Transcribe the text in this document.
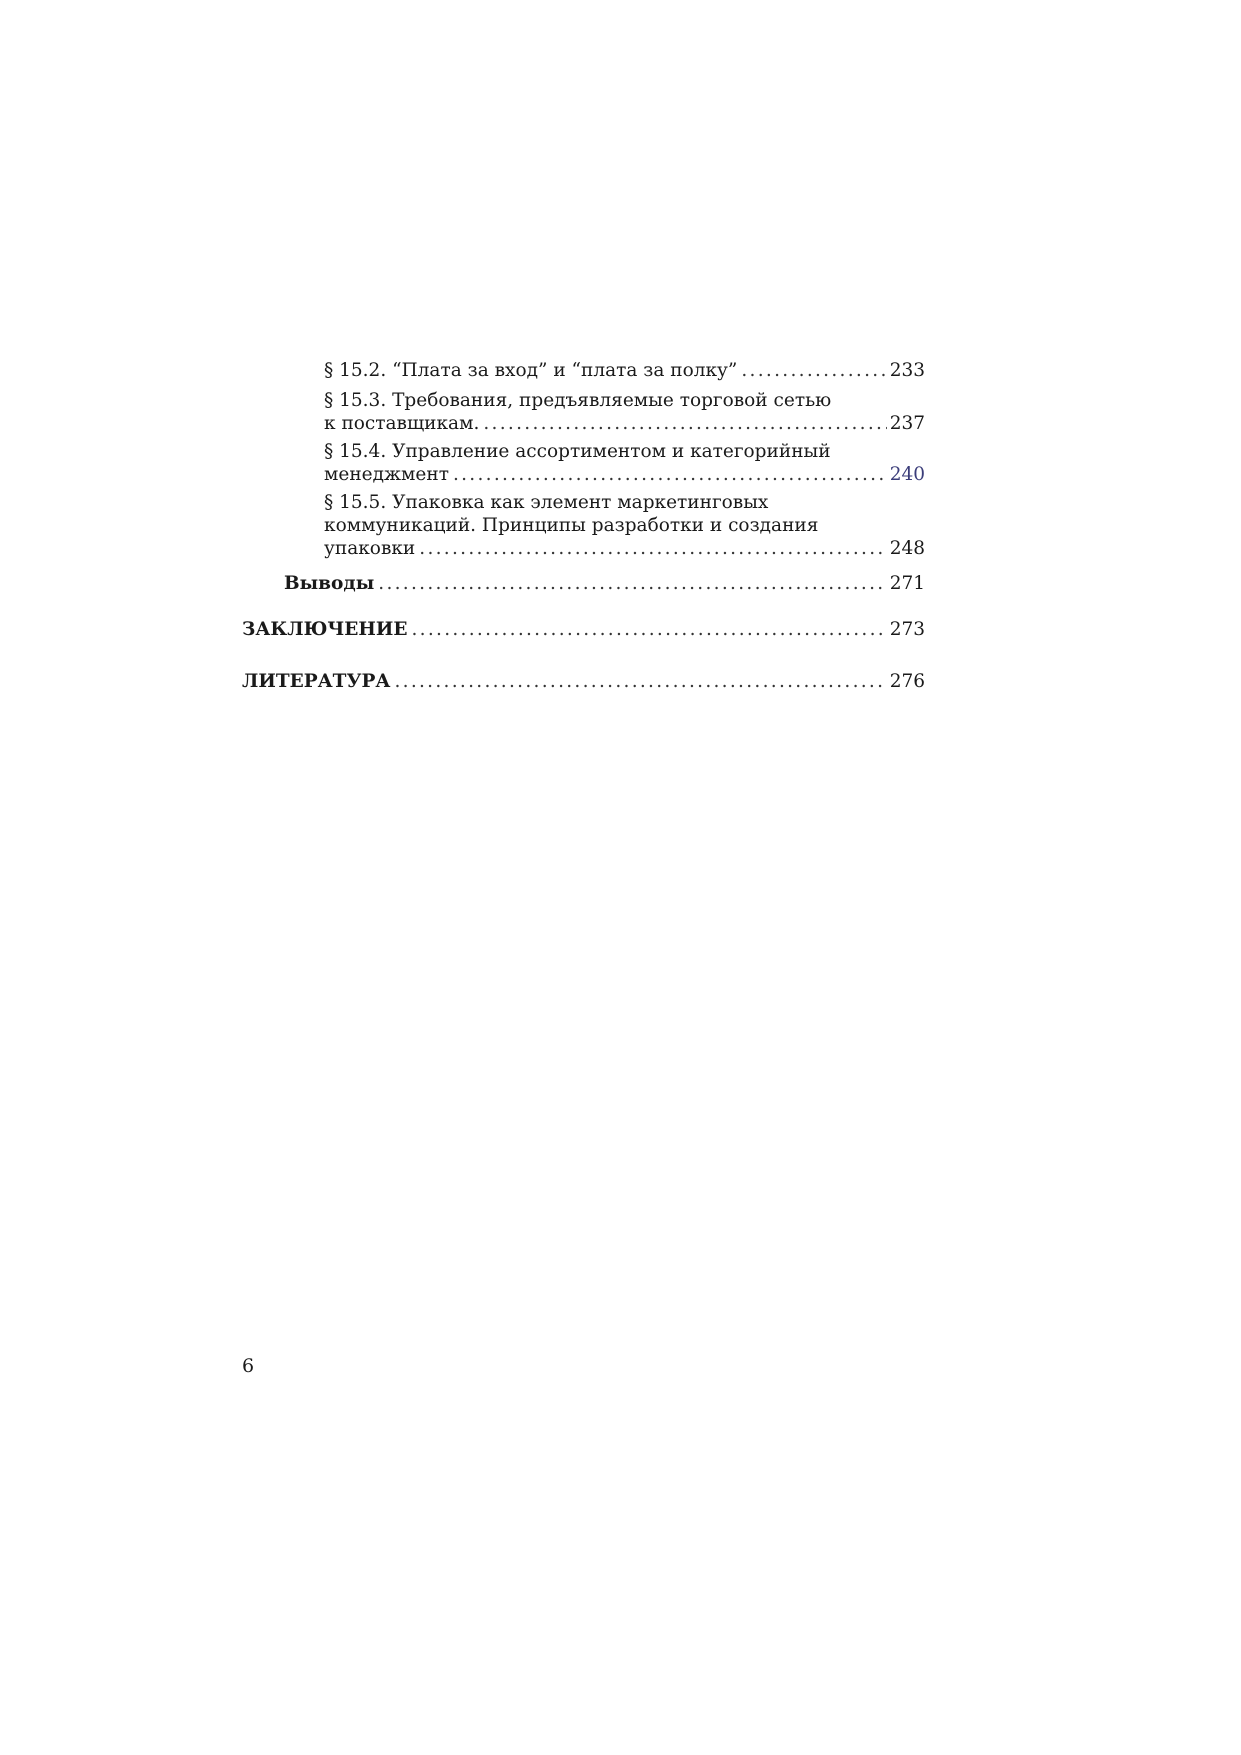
§ 15.2. “Плата за вход” и “плата за полку” .....	233
§ 15.3. Требования, предъявляемые торговой сетью
к поставщикам. .....	237
§ 15.4. Управление ассортиментом и категорийный
менеджмент .....	240
§ 15.5. Упаковка как элемент маркетинговых
коммуникаций. Принципы разработки и создания
упаковки .....	248
Выводы .....	271
ЗАКЛЮЧЕНИЕ .....	273
ЛИТЕРАТУРА .....	276
6
